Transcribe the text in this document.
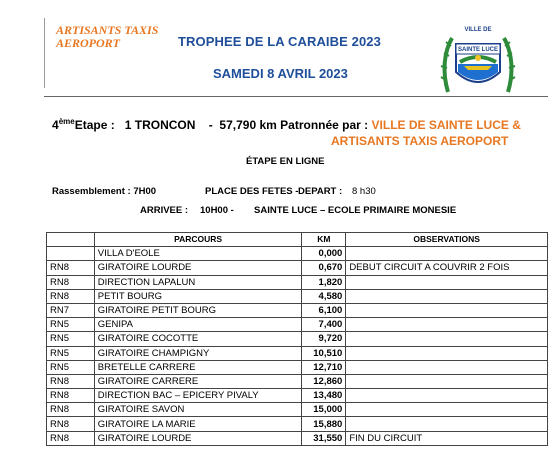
ARTISANTS TAXIS
AEROPORT	TROPHEE DE LA CARAIBE 2023
SAMEDI 8 AVRIL 2023
VILLE DE
SAINTE LUCE
4èmeEtape : 1 TRONCON - 57,790 km Patronnée par : VILLE DE SAINTE LUCE &
ARTISANTS TAXIS AEROPORT
ÉTAPE EN LIGNE
Rassemblement : 7H00	PLACE DES FETES - DEPART : 8 h30
ARRIVEE : 10H00 - SAINTE LUCE – ECOLE PRIMAIRE MONESIE
	PARCOURS	KM	OBSERVATIONS
	VILLA D'EOLE	0,000	
RN8	GIRATOIRE LOURDE	0,670	DEBUT CIRCUIT A COUVRIR 2 FOIS
RN8	DIRECTION LAPALUN	1,820	
RN8	PETIT BOURG	4,580	
RN7	GIRATOIRE PETIT BOURG	6,100	
RN5	GENIPA	7,400	
RN5	GIRATOIRE COCOTTE	9,720	
RN5	GIRATOIRE CHAMPIGNY	10,510	
RN5	BRETELLE CARRERE	12,710	
RN8	GIRATOIRE CARRERE	12,860	
RN8	DIRECTION BAC – EPICERY PIVALY	13,480	
RN8	GIRATOIRE SAVON	15,000	
RN8	GIRATOIRE LA MARIE	15,880	
RN8	GIRATOIRE LOURDE	31,550	FIN DU CIRCUIT
